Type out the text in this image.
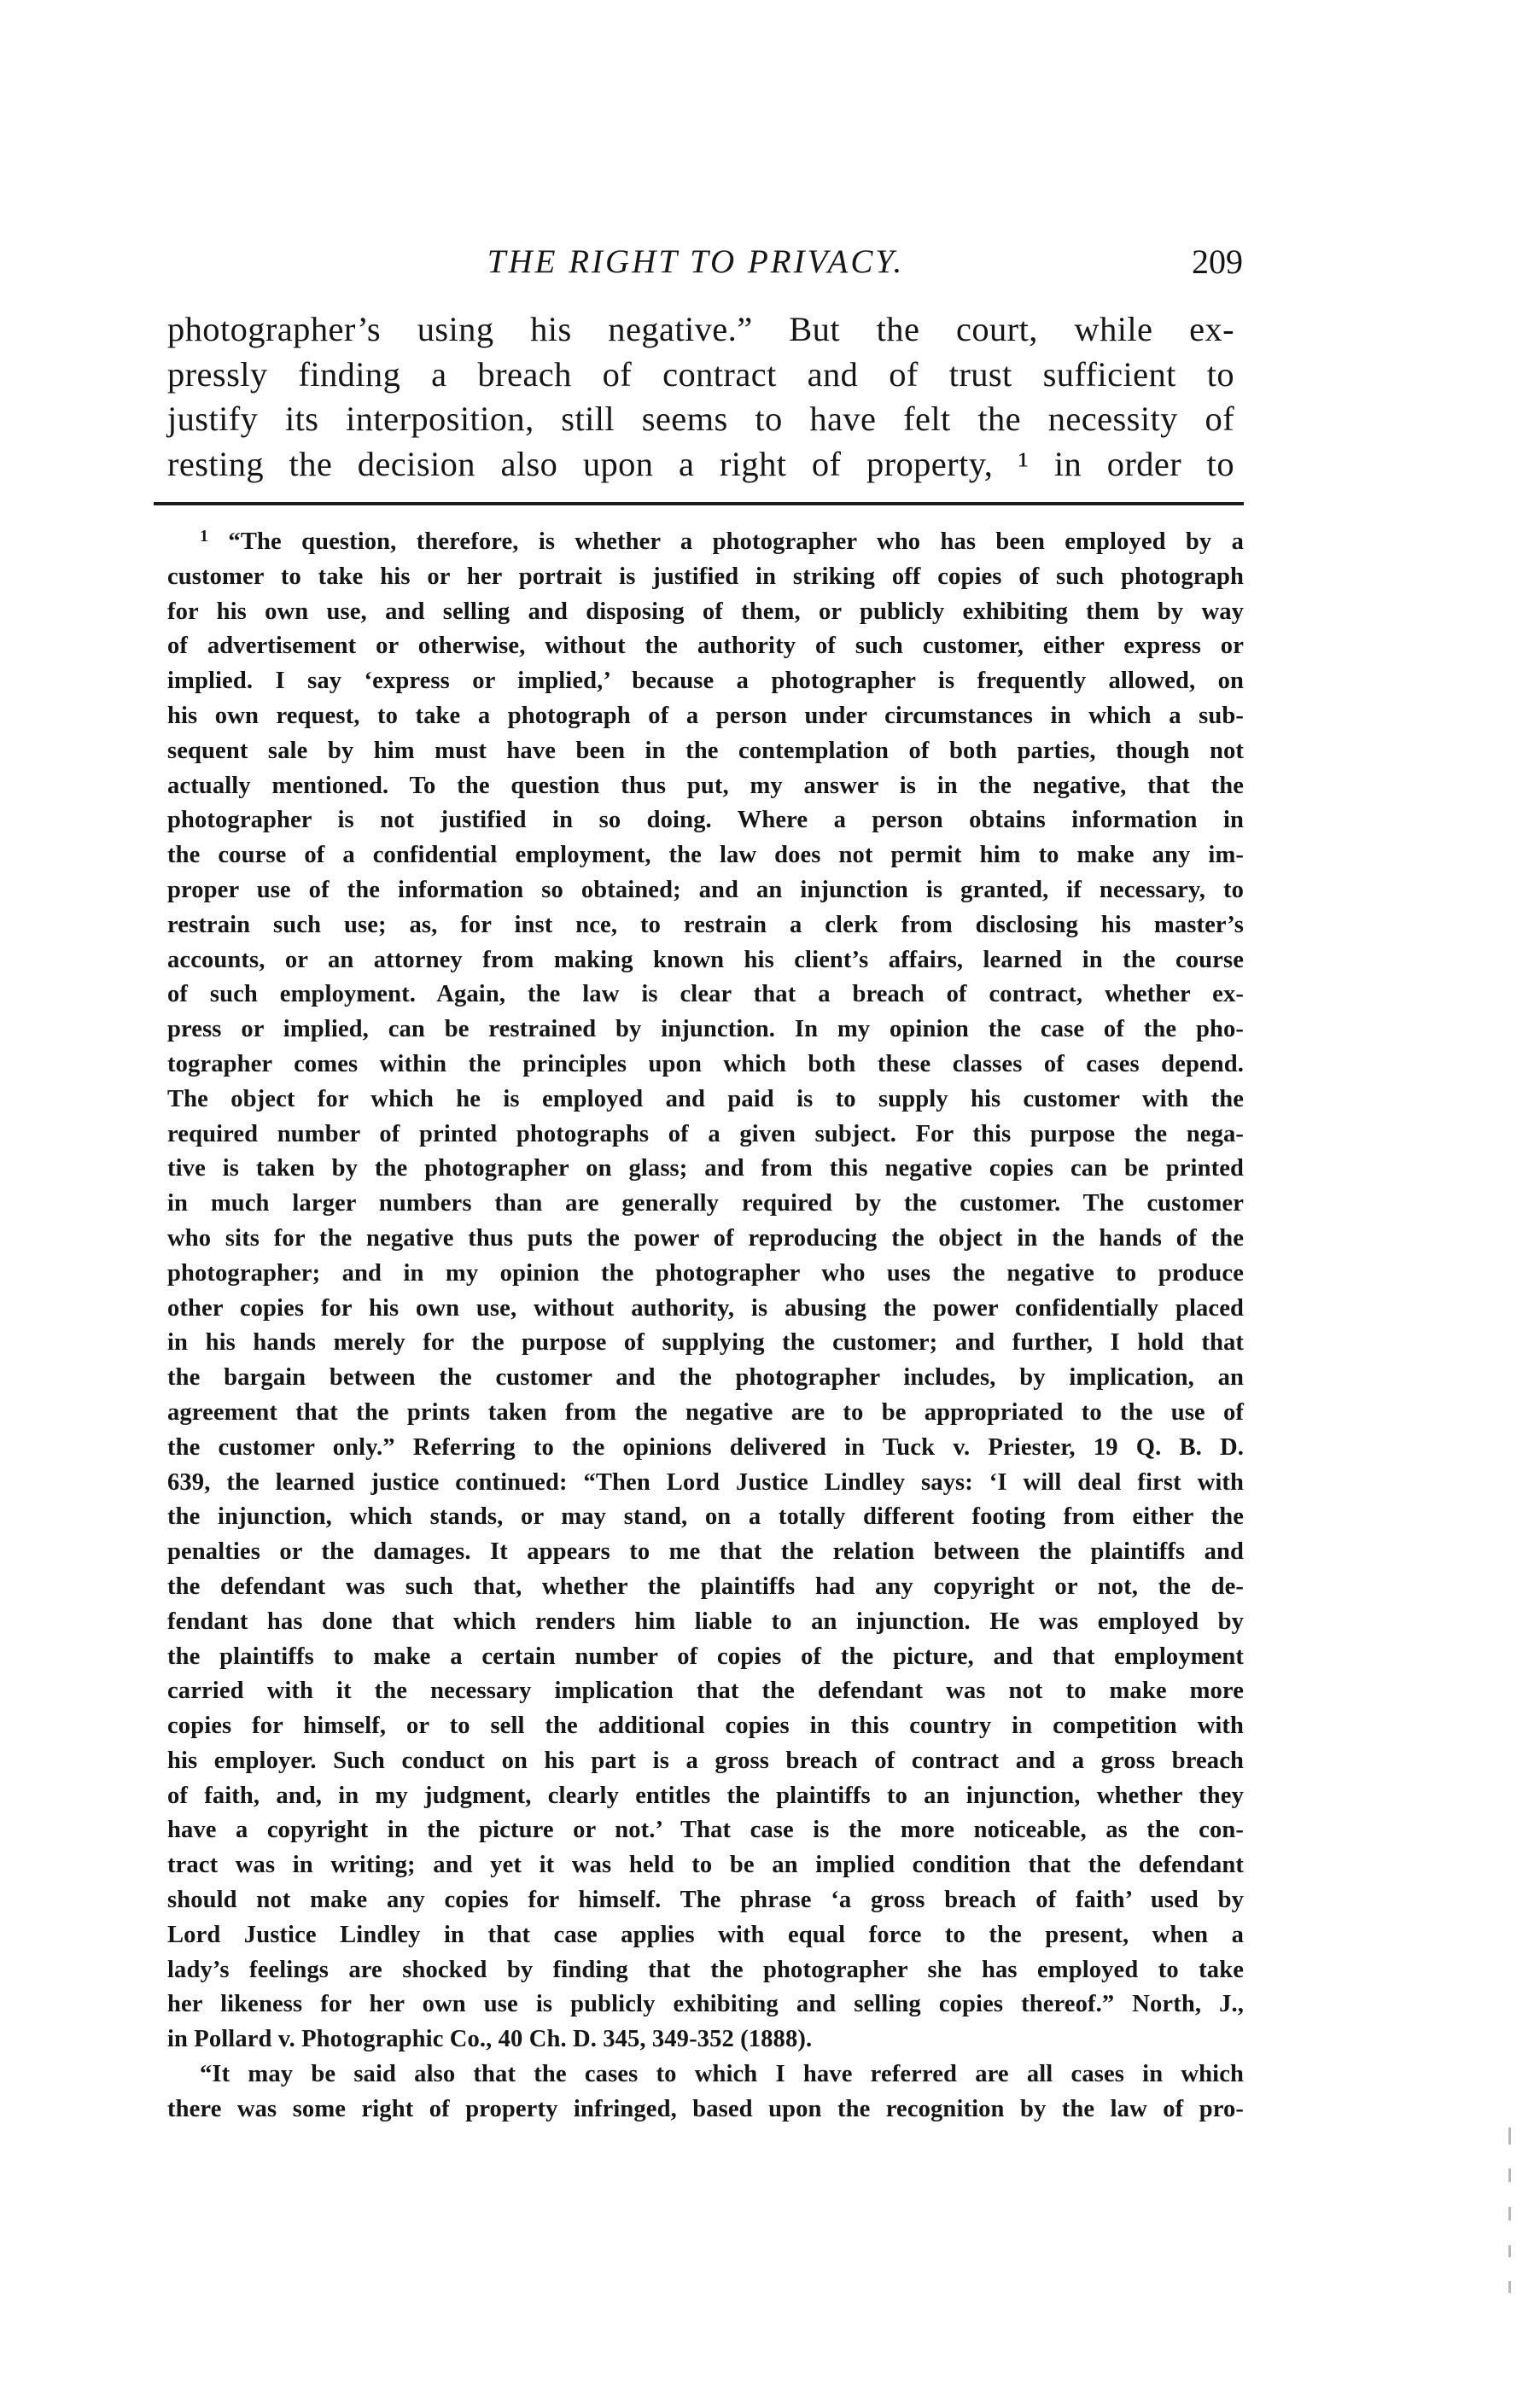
THE RIGHT TO PRIVACY.	209
photographer’s using his negative.” But the court, while ex-
pressly finding a breach of contract and of trust sufficient to
justify its interposition, still seems to have felt the necessity of
resting the decision also upon a right of property, ¹ in order to
$^1$ “The question, therefore, is whether a photographer who has been employed by a
customer to take his or her portrait is justified in striking off copies of such photograph
for his own use, and selling and disposing of them, or publicly exhibiting them by way
of advertisement or otherwise, without the authority of such customer, either express or
implied. I say ‘express or implied,’ because a photographer is frequently allowed, on
his own request, to take a photograph of a person under circumstances in which a sub-
sequent sale by him must have been in the contemplation of both parties, though not
actually mentioned. To the question thus put, my answer is in the negative, that the
photographer is not justified in so doing. Where a person obtains information in
the course of a confidential employment, the law does not permit him to make any im-
proper use of the information so obtained; and an injunction is granted, if necessary, to
restrain such use; as, for inst nce, to restrain a clerk from disclosing his master’s
accounts, or an attorney from making known his client’s affairs, learned in the course
of such employment. Again, the law is clear that a breach of contract, whether ex-
press or implied, can be restrained by injunction. In my opinion the case of the pho-
tographer comes within the principles upon which both these classes of cases depend.
The object for which he is employed and paid is to supply his customer with the
required number of printed photographs of a given subject. For this purpose the nega-
tive is taken by the photographer on glass; and from this negative copies can be printed
in much larger numbers than are generally required by the customer. The customer
who sits for the negative thus puts the power of reproducing the object in the hands of the
photographer; and in my opinion the photographer who uses the negative to produce
other copies for his own use, without authority, is abusing the power confidentially placed
in his hands merely for the purpose of supplying the customer; and further, I hold that
the bargain between the customer and the photographer includes, by implication, an
agreement that the prints taken from the negative are to be appropriated to the use of
the customer only.” Referring to the opinions delivered in Tuck v. Priester, 19 Q. B. D.
639, the learned justice continued: “Then Lord Justice Lindley says: ‘I will deal first with
the injunction, which stands, or may stand, on a totally different footing from either the
penalties or the damages. It appears to me that the relation between the plaintiffs and
the defendant was such that, whether the plaintiffs had any copyright or not, the de-
fendant has done that which renders him liable to an injunction. He was employed by
the plaintiffs to make a certain number of copies of the picture, and that employment
carried with it the necessary implication that the defendant was not to make more
copies for himself, or to sell the additional copies in this country in competition with
his employer. Such conduct on his part is a gross breach of contract and a gross breach
of faith, and, in my judgment, clearly entitles the plaintiffs to an injunction, whether they
have a copyright in the picture or not.’ That case is the more noticeable, as the con-
tract was in writing; and yet it was held to be an implied condition that the defendant
should not make any copies for himself. The phrase ‘a gross breach of faith’ used by
Lord Justice Lindley in that case applies with equal force to the present, when a
lady’s feelings are shocked by finding that the photographer she has employed to take
her likeness for her own use is publicly exhibiting and selling copies thereof.” North, J.,
in Pollard v. Photographic Co., 40 Ch. D. 345, 349-352 (1888).
“It may be said also that the cases to which I have referred are all cases in which
there was some right of property infringed, based upon the recognition by the law of pro-
